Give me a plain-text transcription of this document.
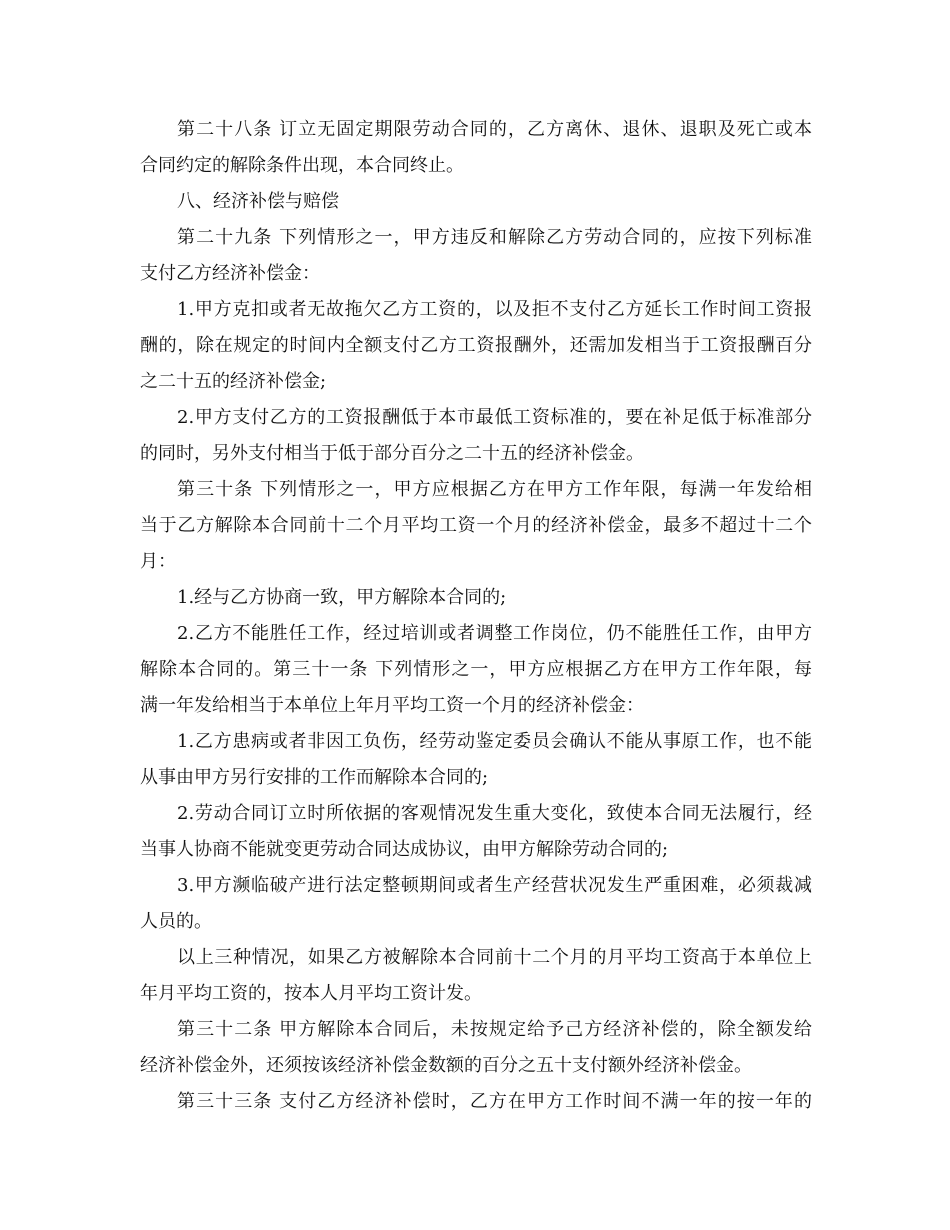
第二十八条 订立无固定期限劳动合同的，乙方离休、退休、退职及死亡或本
合同约定的解除条件出现，本合同终止。
八、经济补偿与赔偿
第二十九条 下列情形之一，甲方违反和解除乙方劳动合同的，应按下列标准
支付乙方经济补偿金：
1.甲方克扣或者无故拖欠乙方工资的，以及拒不支付乙方延长工作时间工资报
酬的，除在规定的时间内全额支付乙方工资报酬外，还需加发相当于工资报酬百分
之二十五的经济补偿金;
2.甲方支付乙方的工资报酬低于本市最低工资标准的，要在补足低于标准部分
的同时，另外支付相当于低于部分百分之二十五的经济补偿金。
第三十条 下列情形之一，甲方应根据乙方在甲方工作年限，每满一年发给相
当于乙方解除本合同前十二个月平均工资一个月的经济补偿金，最多不超过十二个
月：
1.经与乙方协商一致，甲方解除本合同的;
2.乙方不能胜任工作，经过培训或者调整工作岗位，仍不能胜任工作，由甲方
解除本合同的。第三十一条 下列情形之一，甲方应根据乙方在甲方工作年限，每
满一年发给相当于本单位上年月平均工资一个月的经济补偿金：
1.乙方患病或者非因工负伤，经劳动鉴定委员会确认不能从事原工作，也不能
从事由甲方另行安排的工作而解除本合同的;
2.劳动合同订立时所依据的客观情况发生重大变化，致使本合同无法履行，经
当事人协商不能就变更劳动合同达成协议，由甲方解除劳动合同的;
3.甲方濒临破产进行法定整顿期间或者生产经营状况发生严重困难，必须裁减
人员的。
以上三种情况，如果乙方被解除本合同前十二个月的月平均工资高于本单位上
年月平均工资的，按本人月平均工资计发。
第三十二条 甲方解除本合同后，未按规定给予己方经济补偿的，除全额发给
经济补偿金外，还须按该经济补偿金数额的百分之五十支付额外经济补偿金。
第三十三条 支付乙方经济补偿时，乙方在甲方工作时间不满一年的按一年的
